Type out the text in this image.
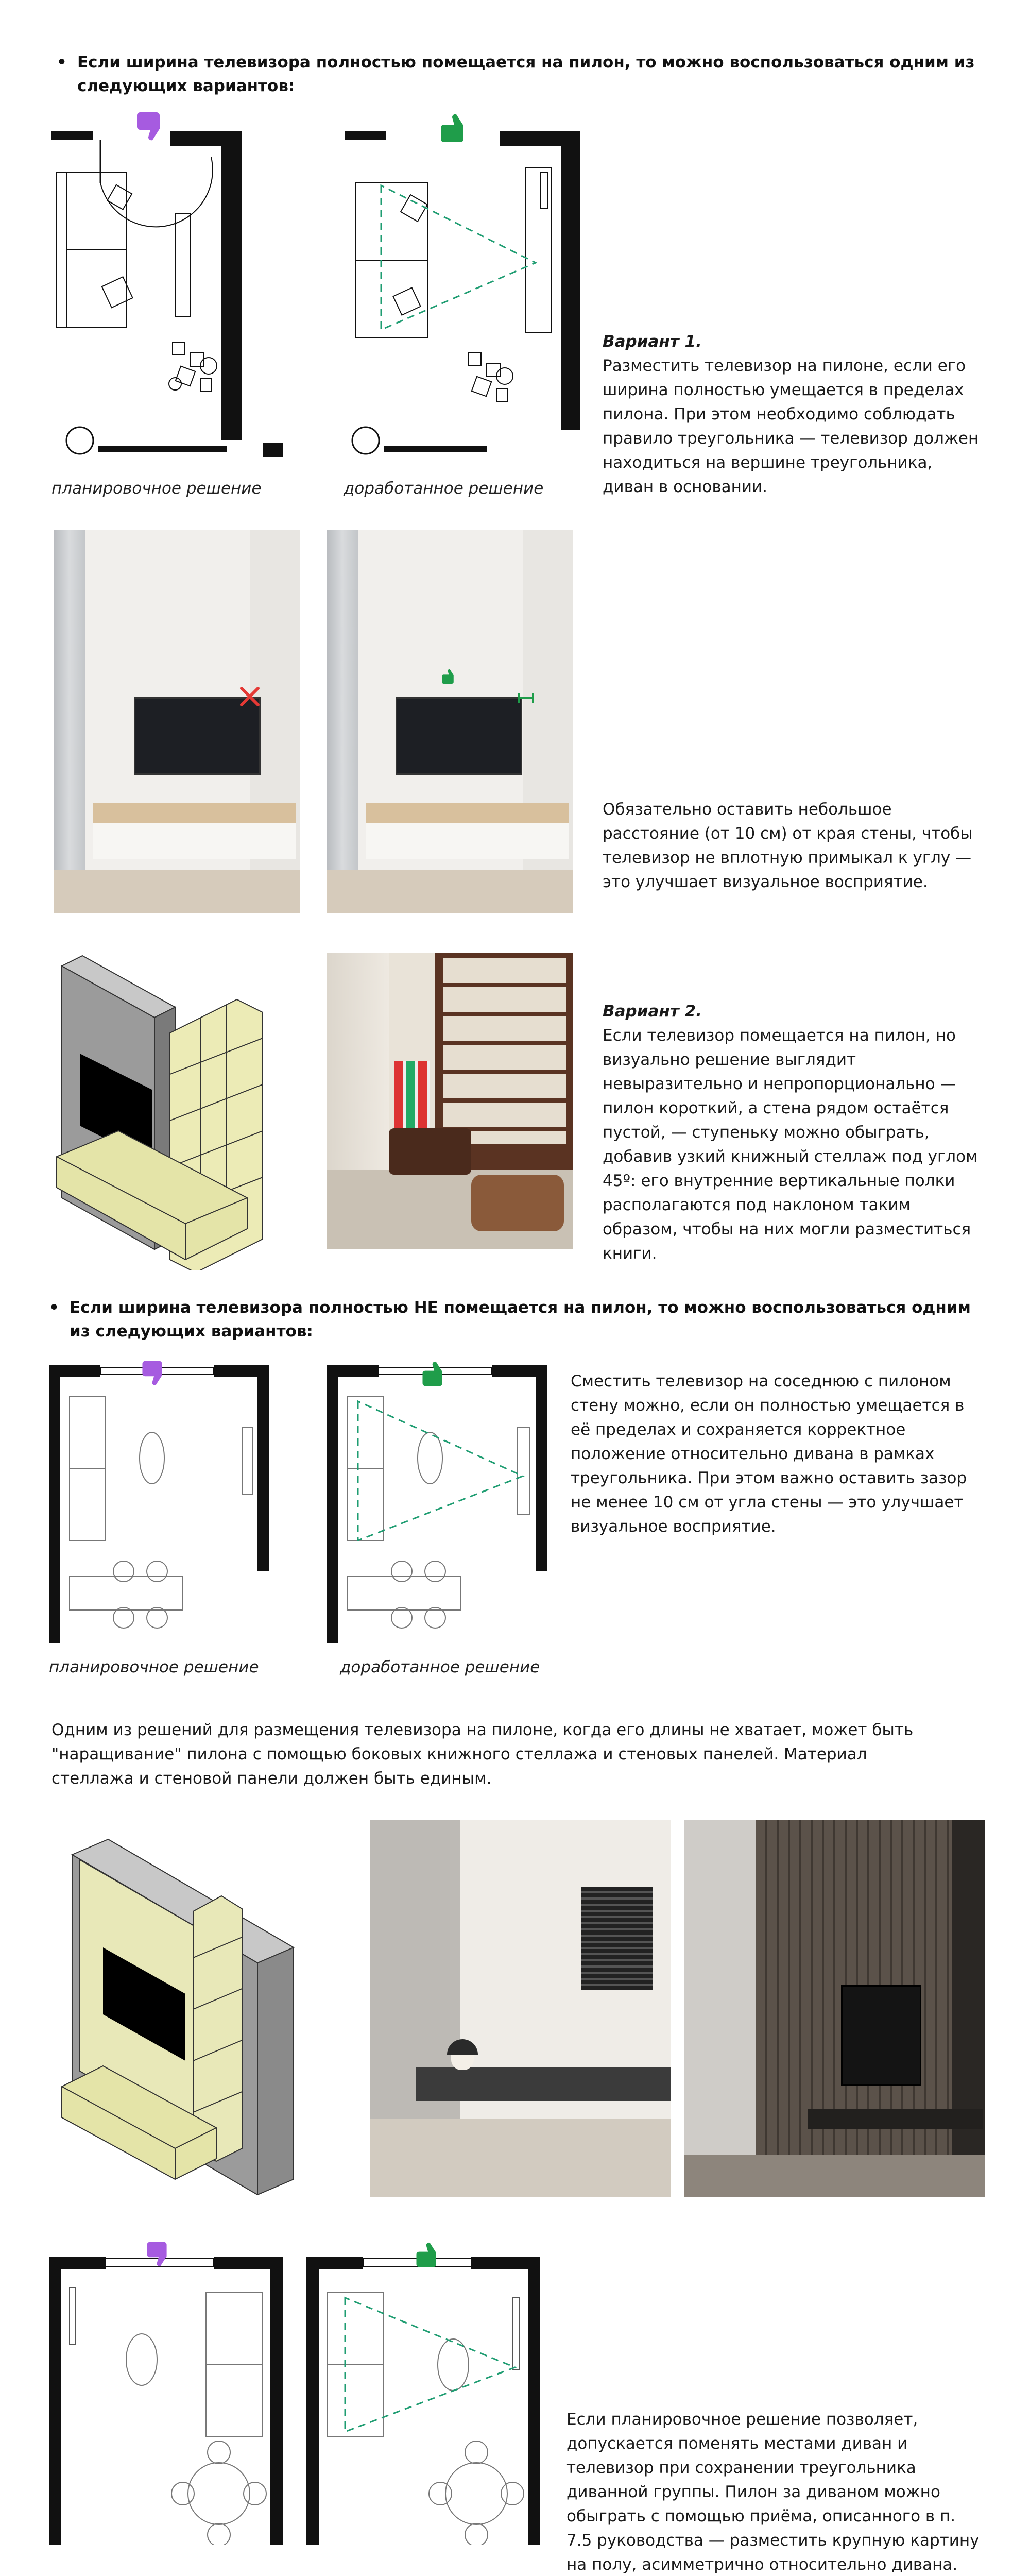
• Если ширина телевизора полностью помещается на пилон, то можно воспользоваться одним из следующих вариантов:
планировочное решение	доработанное решение
Вариант 1.
Разместить телевизор на пилоне, если его ширина полностью умещается в пределах пилона. При этом необходимо соблюдать правило треугольника — телевизор должен находиться на вершине треугольника, диван в основании.
Обязательно оставить небольшое расстояние (от 10 см) от края стены, чтобы телевизор не вплотную примыкал к углу — это улучшает визуальное восприятие.
Вариант 2.
Если телевизор помещается на пилон, но визуально решение выглядит невыразительно и непропорционально — пилон короткий, а стена рядом остаётся пустой, — ступеньку можно обыграть, добавив узкий книжный стеллаж под углом 45º: его внутренние вертикальные полки располагаются под наклоном таким образом, чтобы на них могли разместиться книги.
• Если ширина телевизора полностью НЕ помещается на пилон, то можно воспользоваться одним из следующих вариантов:
планировочное решение	доработанное решение
Сместить телевизор на соседнюю с пилоном стену можно, если он полностью умещается в её пределах и сохраняется корректное положение относительно дивана в рамках треугольника. При этом важно оставить зазор не менее 10 см от угла стены — это улучшает визуальное восприятие.
Одним из решений для размещения телевизора на пилоне, когда его длины не хватает, может быть "наращивание" пилона с помощью боковых книжного стеллажа и стеновых панелей. Материал стеллажа и стеновой панели должен быть единым.
Если планировочное решение позволяет, допускается поменять местами диван и телевизор при сохранении треугольника диванной группы. Пилон за диваном можно обыграть с помощью приёма, описанного в п. 7.5 руководства — разместить крупную картину на полу, асимметрично относительно дивана.
